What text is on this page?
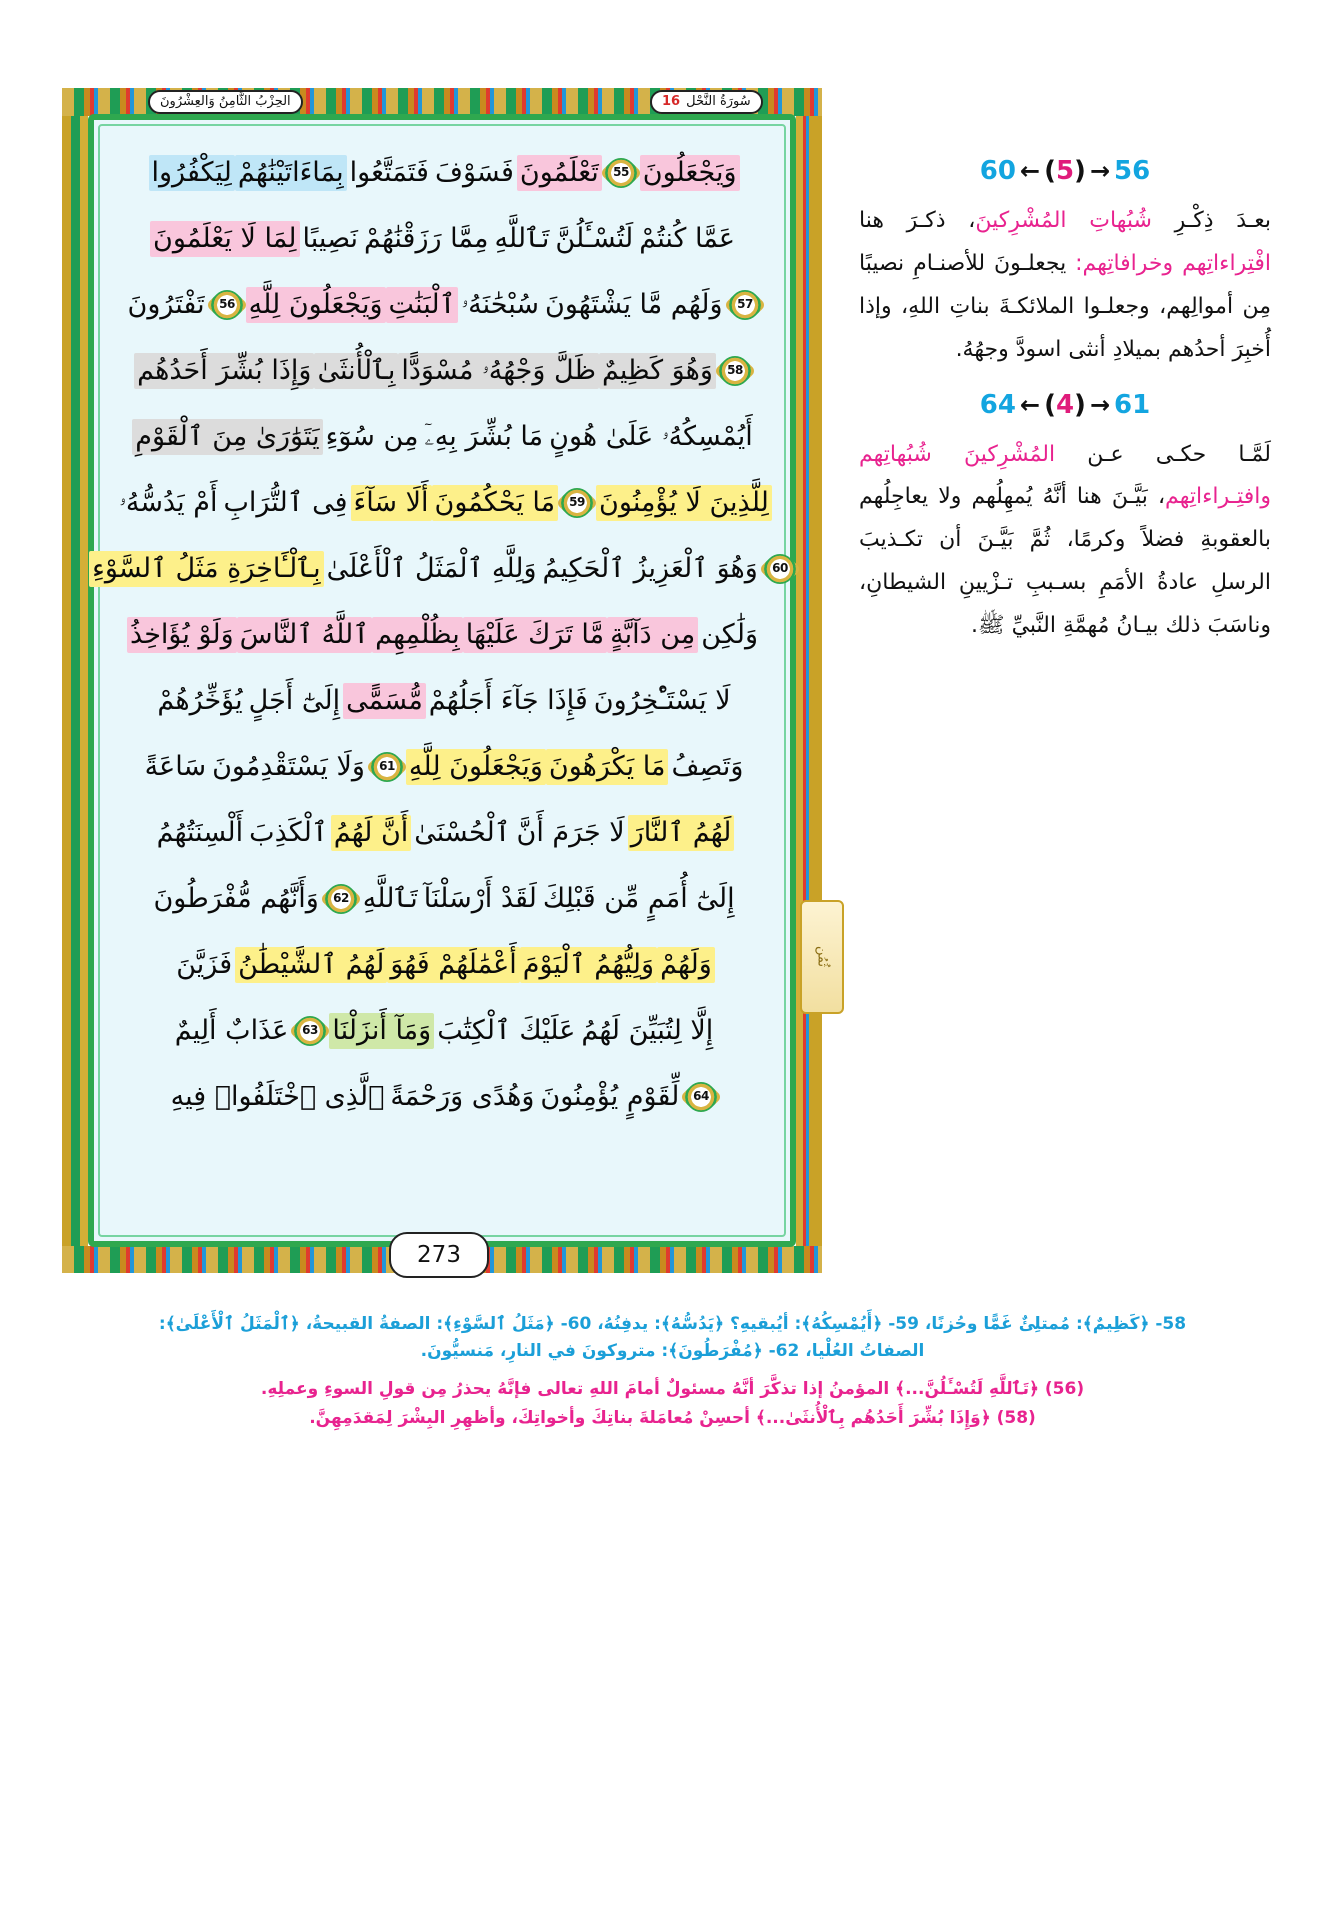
الحِزْبُ الثَّامِنُ وَالعِشْرُونَ	سُورَةُ النَّحْل16
وَيَجْعَلُونَ
55
تَعْلَمُونَ
فَسَوْفَ
فَتَمَتَّعُوا
بِمَاءَاتَيْنَٰهُمْ
لِيَكْفُرُوا
عَمَّا كُنتُمْ
لَتُسْـَٔلُنَّ
تَٱللَّهِ
مِمَّا رَزَقْنَٰهُمْ
نَصِيبًا
لِمَا لَا يَعْلَمُونَ
57
وَلَهُم مَّا يَشْتَهُونَ
سُبْحَٰنَهُۥ
ٱلْبَنَٰتِ
وَيَجْعَلُونَ لِلَّهِ
56
تَفْتَرُونَ
58
وَهُوَ كَظِيمٌ
ظَلَّ وَجْهُهُۥ مُسْوَدًّا
بِٱلْأُنثَىٰ
وَإِذَا بُشِّرَ أَحَدُهُم
أَيُمْسِكُهُۥ عَلَىٰ هُونٍ
مَا بُشِّرَ بِهِۦٓ
مِن سُوٓءِ
يَتَوَٰرَىٰ مِنَ ٱلْقَوْمِ
لِلَّذِينَ لَا يُؤْمِنُونَ
59
مَا يَحْكُمُونَ
أَلَا سَآءَ
فِى ٱلتُّرَابِ
أَمْ يَدُسُّهُۥ
60
وَهُوَ ٱلْعَزِيزُ ٱلْحَكِيمُ
وَلِلَّهِ ٱلْمَثَلُ ٱلْأَعْلَىٰ
بِٱلْـَٔاخِرَةِ مَثَلُ ٱلسَّوْءِ
وَلَٰكِن
مِن دَآبَّةٍ
مَّا تَرَكَ عَلَيْهَا
بِظُلْمِهِم
ٱللَّهُ ٱلنَّاسَ
وَلَوْ يُؤَاخِذُ
لَا يَسْتَـْٔخِرُونَ
فَإِذَا جَآءَ أَجَلُهُمْ
مُّسَمًّى
إِلَىٰٓ أَجَلٍ
يُؤَخِّرُهُمْ
وَتَصِفُ
مَا يَكْرَهُونَ
وَيَجْعَلُونَ لِلَّهِ
61
وَلَا يَسْتَقْدِمُونَ
سَاعَةً
لَهُمُ ٱلنَّارَ
لَا جَرَمَ أَنَّ
ٱلْحُسْنَىٰ
أَنَّ لَهُمُ
ٱلْكَذِبَ
أَلْسِنَتُهُمُ
إِلَىٰٓ أُمَمٍ مِّن قَبْلِكَ
لَقَدْ أَرْسَلْنَآ
تَٱللَّهِ
62
وَأَنَّهُم مُّفْرَطُونَ
وَلَهُمْ
وَلِيُّهُمُ ٱلْيَوْمَ
أَعْمَٰلَهُمْ فَهُوَ
لَهُمُ ٱلشَّيْطَٰنُ
فَزَيَّنَ
إِلَّا لِتُبَيِّنَ لَهُمُ
عَلَيْكَ ٱلْكِتَٰبَ
وَمَآ أَنزَلْنَا
63
عَذَابٌ أَلِيمٌ
64
لِّقَوْمٍ يُؤْمِنُونَ
وَهُدًى وَرَحْمَةً
ٱلَّذِى ٱخْتَلَفُوا۟ فِيهِ
ثُمُن
273
60 ← (5) → 56
بعـدَ ذِكْـرِ شُبُهاتِ المُشْرِكينَ، ذكـرَ هنا افْتِراءاتِهم وخرافاتِهم: يجعلـونَ للأصنـامِ نصيبًا مِن أموالِهم، وجعلـوا الملائكـةَ بناتِ اللهِ، وإذا أُخبِرَ أحدُهم بميلادِ أنثى اسودَّ وجهُهُ.
64 ← (4) → 61
لَمَّـا حكـى عـن المُشْرِكينَ شُبُهاتِهم وافتِـراءاتِهم، بَيَّـنَ هنا أنَّهُ يُمهِلُهم ولا يعاجِلُهم بالعقوبةِ فضلاً وكرمًا، ثُمَّ بَيَّـنَ أن تكـذيبَ الرسلِ عادةُ الأمَمِ بسـببِ تـزْيينِ الشيطانِ، وناسَبَ ذلك بيـانُ مُهمَّةِ النَّبيِّ ﷺ.
58- ﴿كَظِيمٌ﴾: مُمتلِئٌ غَمًّا وحُزنًا، 59- ﴿أَيُمْسِكُهُ﴾: أيُبقيهِ؟ ﴿يَدُسُّهُ﴾: يدفِنُهُ، 60- ﴿مَثَلُ ٱلسَّوْءِ﴾: الصفةُ القبيحةُ، ﴿ٱلْمَثَلُ ٱلْأَعْلَىٰ﴾:
الصفاتُ العُلْيا، 62- ﴿مُفْرَطُونَ﴾: متروكونَ في النارِ، مَنسيُّونَ.
(56) ﴿تَٱللَّهِ لَتُسْـَٔلُنَّ...﴾ المؤمنُ إذا تذكَّرَ أنَّهُ مسئولٌ أمامَ اللهِ تعالى فإنَّهُ يحذرُ مِن قولِ السوءِ وعملِهِ.
(58) ﴿وَإِذَا بُشِّرَ أَحَدُهُم بِٱلْأُنثَىٰ...﴾ أحسِنْ مُعامَلةَ بناتِكَ وأخواتِكَ، وأظهِرِ البِشْرَ لِمَقدَمِهِنَّ.
